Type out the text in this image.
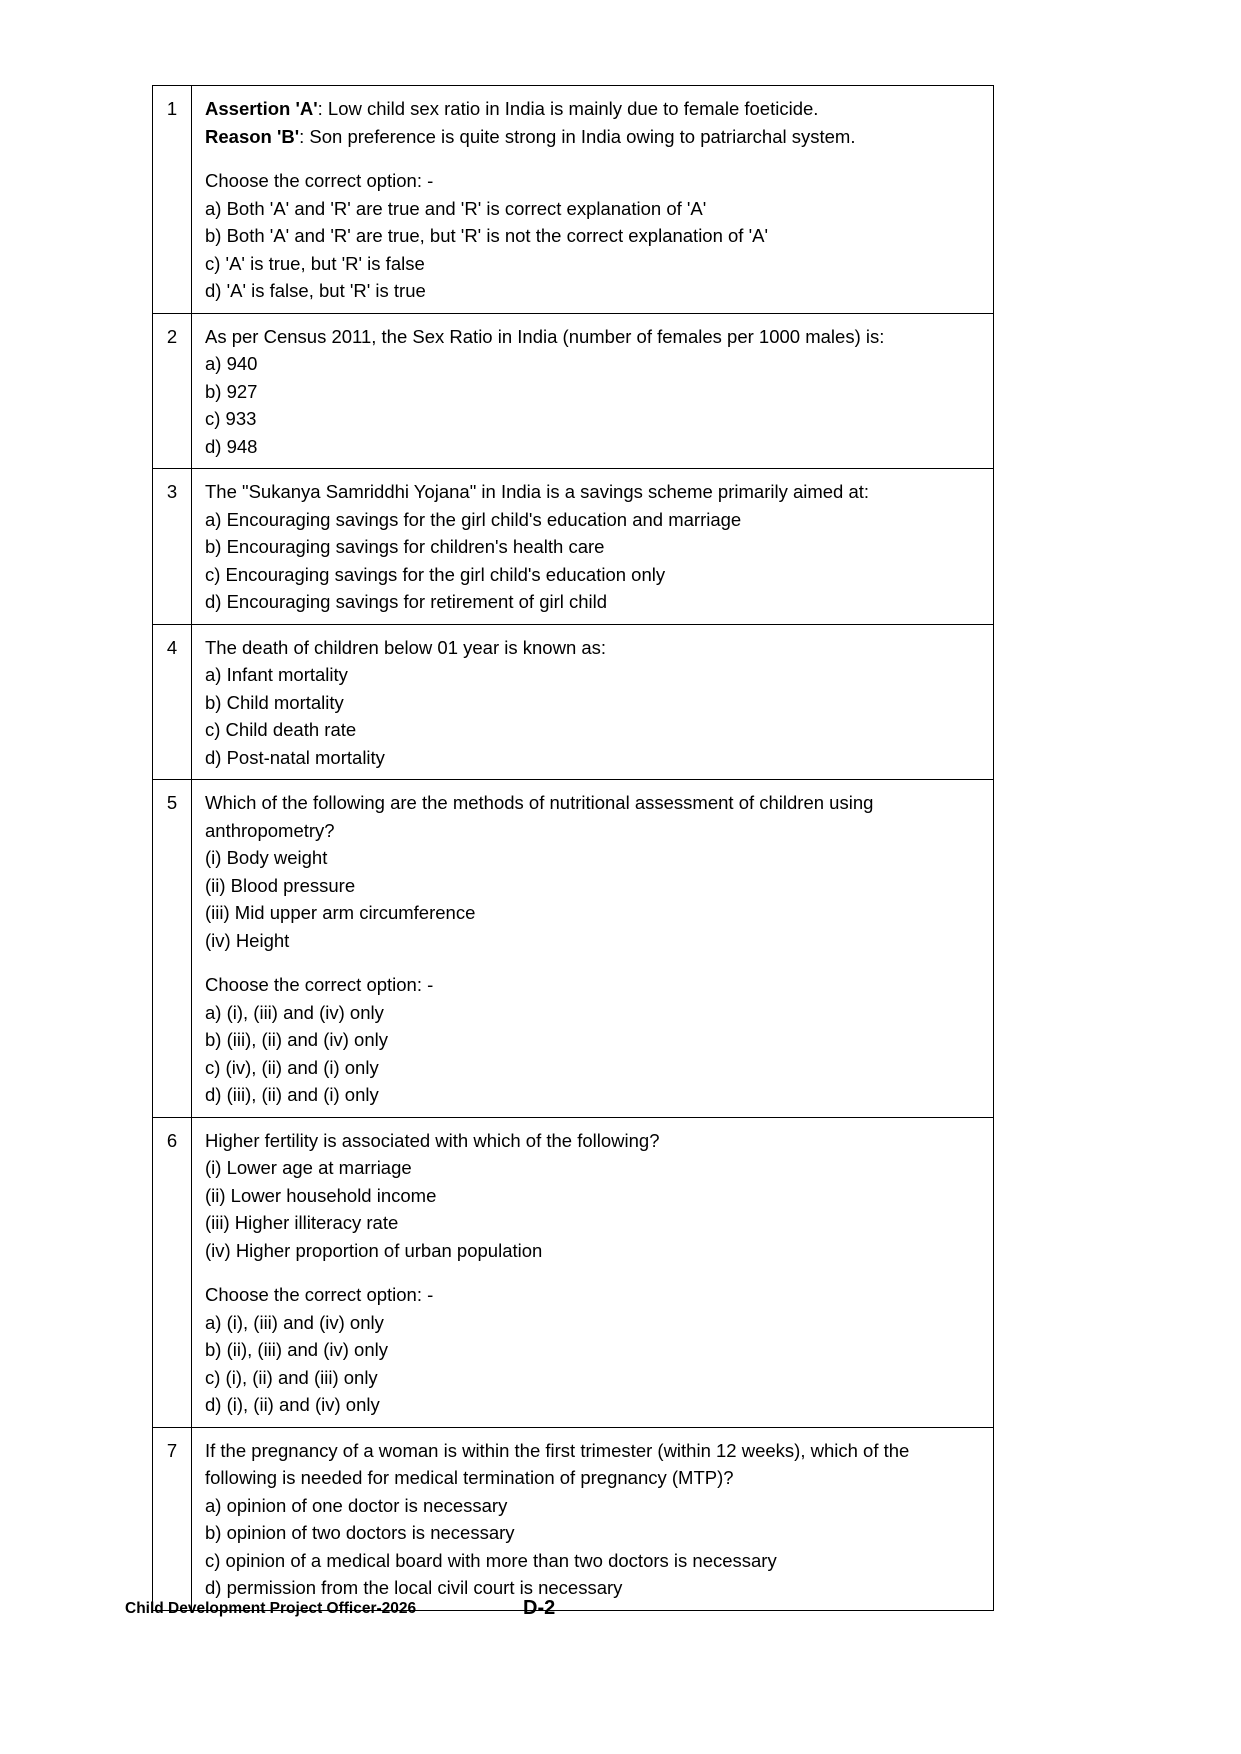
1	Assertion 'A': Low child sex ratio in India is mainly due to female foeticide.
Reason 'B': Son preference is quite strong in India owing to patriarchal system.
Choose the correct option: -
a) Both 'A' and 'R' are true and 'R' is correct explanation of 'A'
b) Both 'A' and 'R' are true, but 'R' is not the correct explanation of 'A'
c) 'A' is true, but 'R' is false
d) 'A' is false, but 'R' is true

2	As per Census 2011, the Sex Ratio in India (number of females per 1000 males) is:
a) 940
b) 927
c) 933
d) 948

3	The "Sukanya Samriddhi Yojana" in India is a savings scheme primarily aimed at:
a) Encouraging savings for the girl child's education and marriage
b) Encouraging savings for children's health care
c) Encouraging savings for the girl child's education only
d) Encouraging savings for retirement of girl child

4	The death of children below 01 year is known as:
a) Infant mortality
b) Child mortality
c) Child death rate
d) Post-natal mortality

5	Which of the following are the methods of nutritional assessment of children using anthropometry?
(i) Body weight
(ii) Blood pressure
(iii) Mid upper arm circumference
(iv) Height
Choose the correct option: -
a) (i), (iii) and (iv) only
b) (iii), (ii) and (iv) only
c) (iv), (ii) and (i) only
d) (iii), (ii) and (i) only

6	Higher fertility is associated with which of the following?
(i) Lower age at marriage
(ii) Lower household income
(iii) Higher illiteracy rate
(iv) Higher proportion of urban population
Choose the correct option: -
a) (i), (iii) and (iv) only
b) (ii), (iii) and (iv) only
c) (i), (ii) and (iii) only
d) (i), (ii) and (iv) only

7	If the pregnancy of a woman is within the first trimester (within 12 weeks), which of the following is needed for medical termination of pregnancy (MTP)?
a) opinion of one doctor is necessary
b) opinion of two doctors is necessary
c) opinion of a medical board with more than two doctors is necessary
d) permission from the local civil court is necessary
Child Development Project Officer-2026	D-2
